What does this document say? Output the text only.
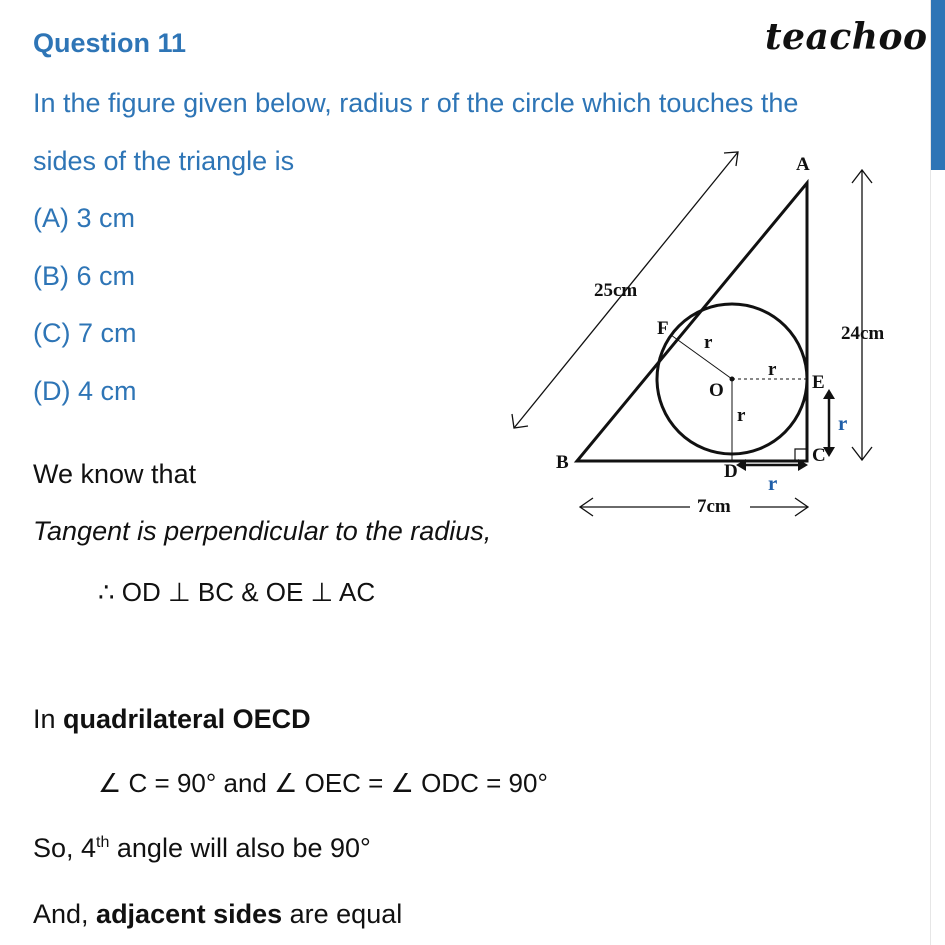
Question 11	teachoo
In the figure given below, radius r of the circle which touches the
sides of the triangle is
(A) 3 cm
(B) 6 cm
(C) 7 cm
(D) 4 cm
We know that
Tangent is perpendicular to the radius,
∴ OD ⊥ BC & OE ⊥ AC
In quadrilateral OECD
∠ C = 90° and ∠ OEC = ∠ ODC = 90°
So, 4th angle will also be 90°
And, adjacent sides are equal
A
B	C
D
E
F
O
r
r
r
25cm
24cm
7cm
r
r
